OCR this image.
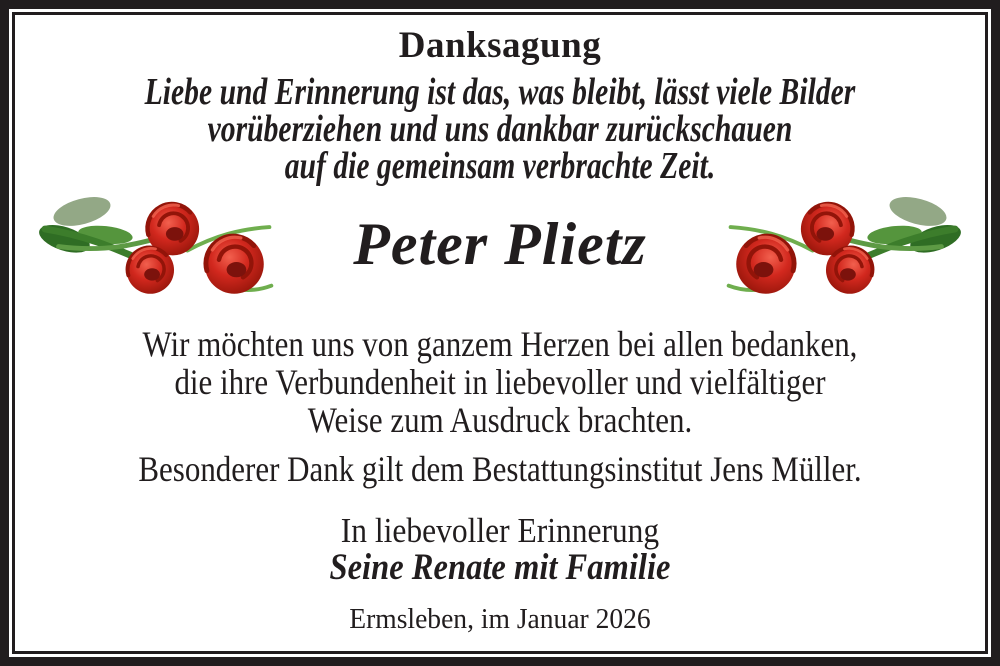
Danksagung
Liebe und Erinnerung ist das, was bleibt, lässt viele Bilder
vorüberziehen und uns dankbar zurückschauen
auf die gemeinsam verbrachte Zeit.
Peter Plietz
Wir möchten uns von ganzem Herzen bei allen bedanken,
die ihre Verbundenheit in liebevoller und vielfältiger
Weise zum Ausdruck brachten.
Besonderer Dank gilt dem Bestattungsinstitut Jens Müller.
In liebevoller Erinnerung
Seine Renate mit Familie
Ermsleben, im Januar 2026
